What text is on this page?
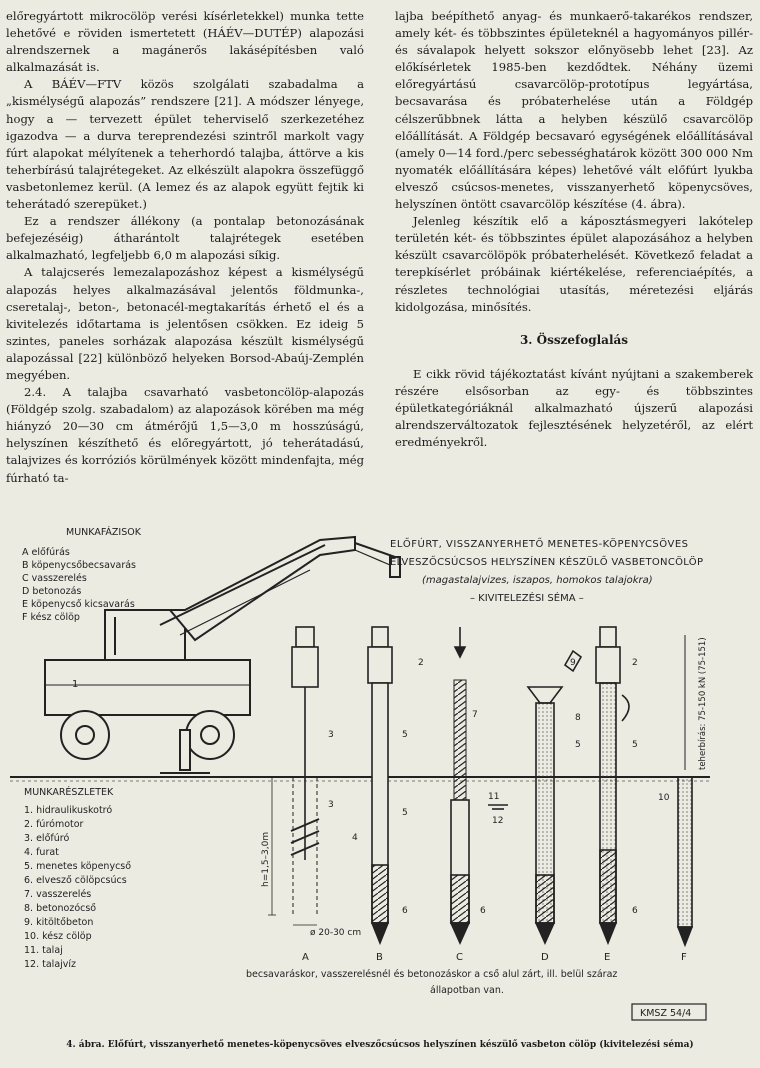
előregyártott mikrocölöp verési kísérletekkel) munka tette lehetővé e röviden ismertetett (HÁÉV—DUTÉP) alapozási alrendszernek a magánerős lakásépítésben való alkalmazását is.

A BÁÉV—FTV közös szolgálati szabadalma a „kismélységű alapozás” rendszere [21]. A módszer lényege, hogy a — tervezett épület teherviselő szerkezetéhez igazodva — a durva tereprendezési szintről markolt vagy fúrt alapokat mélyítenek a teherhordó talajba, áttörve a kis teherbírású talajrétegeket. Az elkészült alapokra összefüggő vasbetonlemez kerül. (A lemez és az alapok együtt fejtik ki teherátadó szerepüket.)

Ez a rendszer állékony (a pontalap betonozásának befejezéséig) átharántolt talajrétegek esetében alkalmazható, legfeljebb 6,0 m alapozási síkig.

A talajcserés lemezalapozáshoz képest a kismélységű alapozás helyes alkalmazásával jelentős földmunka-, cseretalaj-, beton-, betonacél-megtakarítás érhető el és a kivitelezés időtartama is jelentősen csökken. Ez ideig 5 szintes, paneles sorházak alapozása készült kismélységű alapozással [22] különböző helyeken Borsod-Abaúj-Zemplén megyében.

2.4. A talajba csavarható vasbetoncölöp-alapozás (Földgép szolg. szabadalom) az alapozások körében ma még hiányzó 20—30 cm átmérőjű 1,5—3,0 m hosszúságú, helyszínen készíthető és előregyártott, jó teherátadású, talajvizes és korróziós körülmények között mindenfajta, még fúrható ta-

lajba beépíthető anyag- és munkaerő-takarékos rendszer, amely két- és többszintes épületeknél a hagyományos pillér- és sávalapok helyett sokszor előnyösebb lehet [23]. Az előkísérletek 1985-ben kezdődtek. Néhány üzemi előregyártású csavarcölöp-prototípus legyártása, becsavarása és próbaterhelése után a Földgép célszerűbbnek látta a helyben készülő csavarcölöp előállítását. A Földgép becsavaró egységének előállításával (amely 0—14 ford./perc sebességhatárok között 300 000 Nm nyomaték előállítására képes) lehetővé vált előfúrt lyukba elvesző csúcsos-menetes, visszanyerhető köpenycsöves, helyszínen öntött csavarcölöp készítése (4. ábra).

Jelenleg készítik elő a káposztásmegyeri lakótelep területén két- és többszintes épület alapozásához a helyben készült csavarcölöpök próbaterhelését. Következő feladat a terepkísérlet próbáinak kiértékelése, referenciaépítés, a részletes technológiai utasítás, méretezési eljárás kidolgozása, minősítés.

3. Összefoglalás

E cikk rövid tájékoztatást kívánt nyújtani a szakemberek részére elsősorban az egy- és többszintes épületkategóriáknál alkalmazható újszerű alapozási alrendszerváltozatok fejlesztésének helyzetéről, az elért eredményekről.

1
ELŐFÚRT, VISSZANYERHETŐ MENETES-KÖPENYCSÖVES
ELVESZŐCSÚCSOS HELYSZÍNEN KÉSZÜLŐ VASBETONCÖLÖP
(magastalajvizes, iszapos, homokos talajokra)
– KIVITELEZÉSI SÉMA –
MUNKAFÁZISOK
A előfúrás
B köpenycsőbecsavarás
C vasszerelés
D betonozás
E köpenycső kicsavarás
F kész cölöp
MUNKARÉSZLETEK
1. hidraulikuskotró
2. fúrómotor
3. előfúró
4. furat
5. menetes köpenycső
6. elvesző cölöpcsúcs
7. vasszerelés
8. betonozócső
9. kitöltőbeton
10. kész cölöp
11. talaj
12. talajvíz
h=1,5–3,0m
ø 20-30 cm
teherbírás: 75-150 kN (75-151)
2	2
3
3
4
5
5
5	5
6	6	6
7	8
9
10
11
12
A	B	C	D	E	F
becsavaráskor, vasszerelésnél és betonozáskor a cső alul zárt, ill. belül száraz
állapotban van.
KMSZ 54/4
4. ábra. Előfúrt, visszanyerhető menetes-köpenycsöves elveszőcsúcsos helyszínen készülő vasbeton cölöp (kivitelezési séma)
